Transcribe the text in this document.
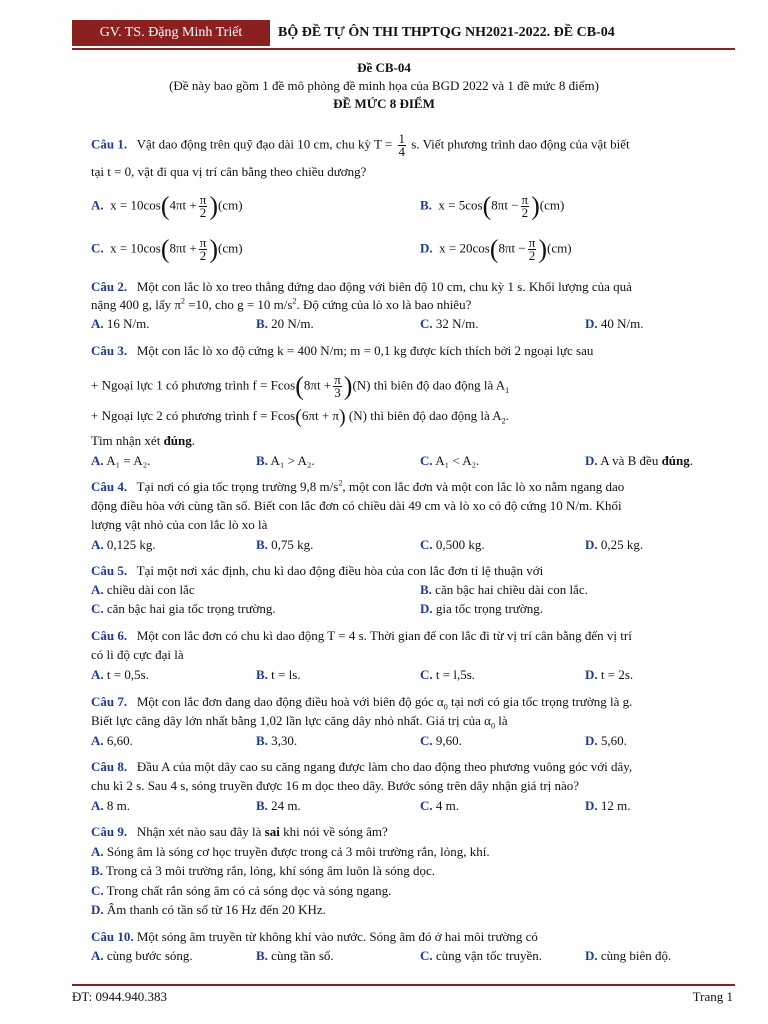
GV. TS. Đặng Minh Triết	BỘ ĐỀ TỰ ÔN THI THPTQG NH2021-2022. ĐỀ CB-04
Đề CB-04
(Đề này bao gồm 1 đề mô phỏng đề minh họa của BGD 2022 và 1 đề mức 8 điểm)
ĐỀ MỨC 8 ĐIỂM
Câu 1. Vật dao động trên quỹ đạo dài 10 cm, chu kỳ $T = \frac{1}{4} s$. Viết phương trình dao động của vật biết
tại t = 0, vật đi qua vị trí cân bằng theo chiều dương?
A. $x = 10\cos(4\pi t + \frac{\pi}{2} )(cm)$	B. $x = 5\cos(8\pi t - \frac{\pi}{2} )(cm)$
C. $x = 10\cos(8\pi t + \frac{\pi}{2} )(cm)$	D. $x = 20\cos(8\pi t - \frac{\pi}{2} )(cm)$
Câu 2. Một con lắc lò xo treo thẳng đứng dao động với biên độ 10 cm, chu kỳ 1 s. Khối lượng của quả
nặng 400 g, lấy $\pi^2 =10$, cho g = 10 $m/s^2$. Độ cứng của lò xo là bao nhiêu?
A. 16 N/m.	B. 20 N/m.	C. 32 N/m.	D. 40 N/m.
Câu 3. Một con lắc lò xo độ cứng k = 400 N/m; m = 0,1 kg được kích thích bởi 2 ngoại lực sau
+ Ngoại lực 1 có phương trình $f = Fcos(8\pi t + \frac{\pi}{3} )(N)$ thì biên độ dao động là $A_1$
+ Ngoại lực 2 có phương trình f = Fcos(6πt + π) (N) thì biên độ dao động là $A_2$.
Tìm nhận xét đúng.
A. A₁ = A₂.	B. A₁ > A₂.	C. A₁ < A₂.	D. A và B đều đúng.
Câu 4. Tại nơi có gia tốc trọng trường 9,8 $m/s^2$, một con lắc đơn và một con lắc lò xo nằm ngang dao
động điều hòa với cùng tần số. Biết con lắc đơn có chiều dài 49 cm và lò xo có độ cứng 10 N/m. Khối
lượng vật nhỏ của con lắc lò xo là
A. 0,125 kg.	B. 0,75 kg.	C. 0,500 kg.	D. 0,25 kg.
Câu 5. Tại một nơi xác định, chu kì dao động điều hòa của con lắc đơn tỉ lệ thuận với
A. chiều dài con lắc	B. căn bậc hai chiều dài con lắc.
C. căn bậc hai gia tốc trọng trường.	D. gia tốc trọng trường.
Câu 6. Một con lắc đơn có chu kì dao động T = 4 s. Thời gian để con lắc đi từ vị trí cân bằng đến vị trí
có li độ cực đại là
A. t = 0,5s.	B. t = ls.	C. t = l,5s.	D. t = 2s.
Câu 7. Một con lắc đơn đang dao động điều hoà với biên độ góc $\alpha_0$ tại nơi có gia tốc trọng trường là g.
Biết lực căng dây lớn nhất bằng 1,02 lần lực căng dây nhỏ nhất. Giá trị của $\alpha_0$ là
A. 6,60.	B. 3,30.	C. 9,60.	D. 5,60.
Câu 8. Đầu A của một dây cao su căng ngang được làm cho dao động theo phương vuông góc với dây,
chu kì 2 s. Sau 4 s, sóng truyền được 16 m dọc theo dây. Bước sóng trên dây nhận giá trị nào?
A. 8 m.	B. 24 m.	C. 4 m.	D. 12 m.
Câu 9. Nhận xét nào sau đây là sai khi nói về sóng âm?
A. Sóng âm là sóng cơ học truyền được trong cả 3 môi trường rắn, lỏng, khí.
B. Trong cả 3 môi trường rắn, lỏng, khí sóng âm luôn là sóng dọc.
C. Trong chất rắn sóng âm có cả sóng dọc và sóng ngang.
D. Âm thanh có tần số từ 16 Hz đến 20 KHz.
Câu 10. Một sóng âm truyền từ không khí vào nước. Sóng âm đó ở hai môi trường có
A. cùng bước sóng.	B. cùng tần số.	C. cùng vận tốc truyền.	D. cùng biên độ.
ĐT: 0944.940.383	Trang 1
